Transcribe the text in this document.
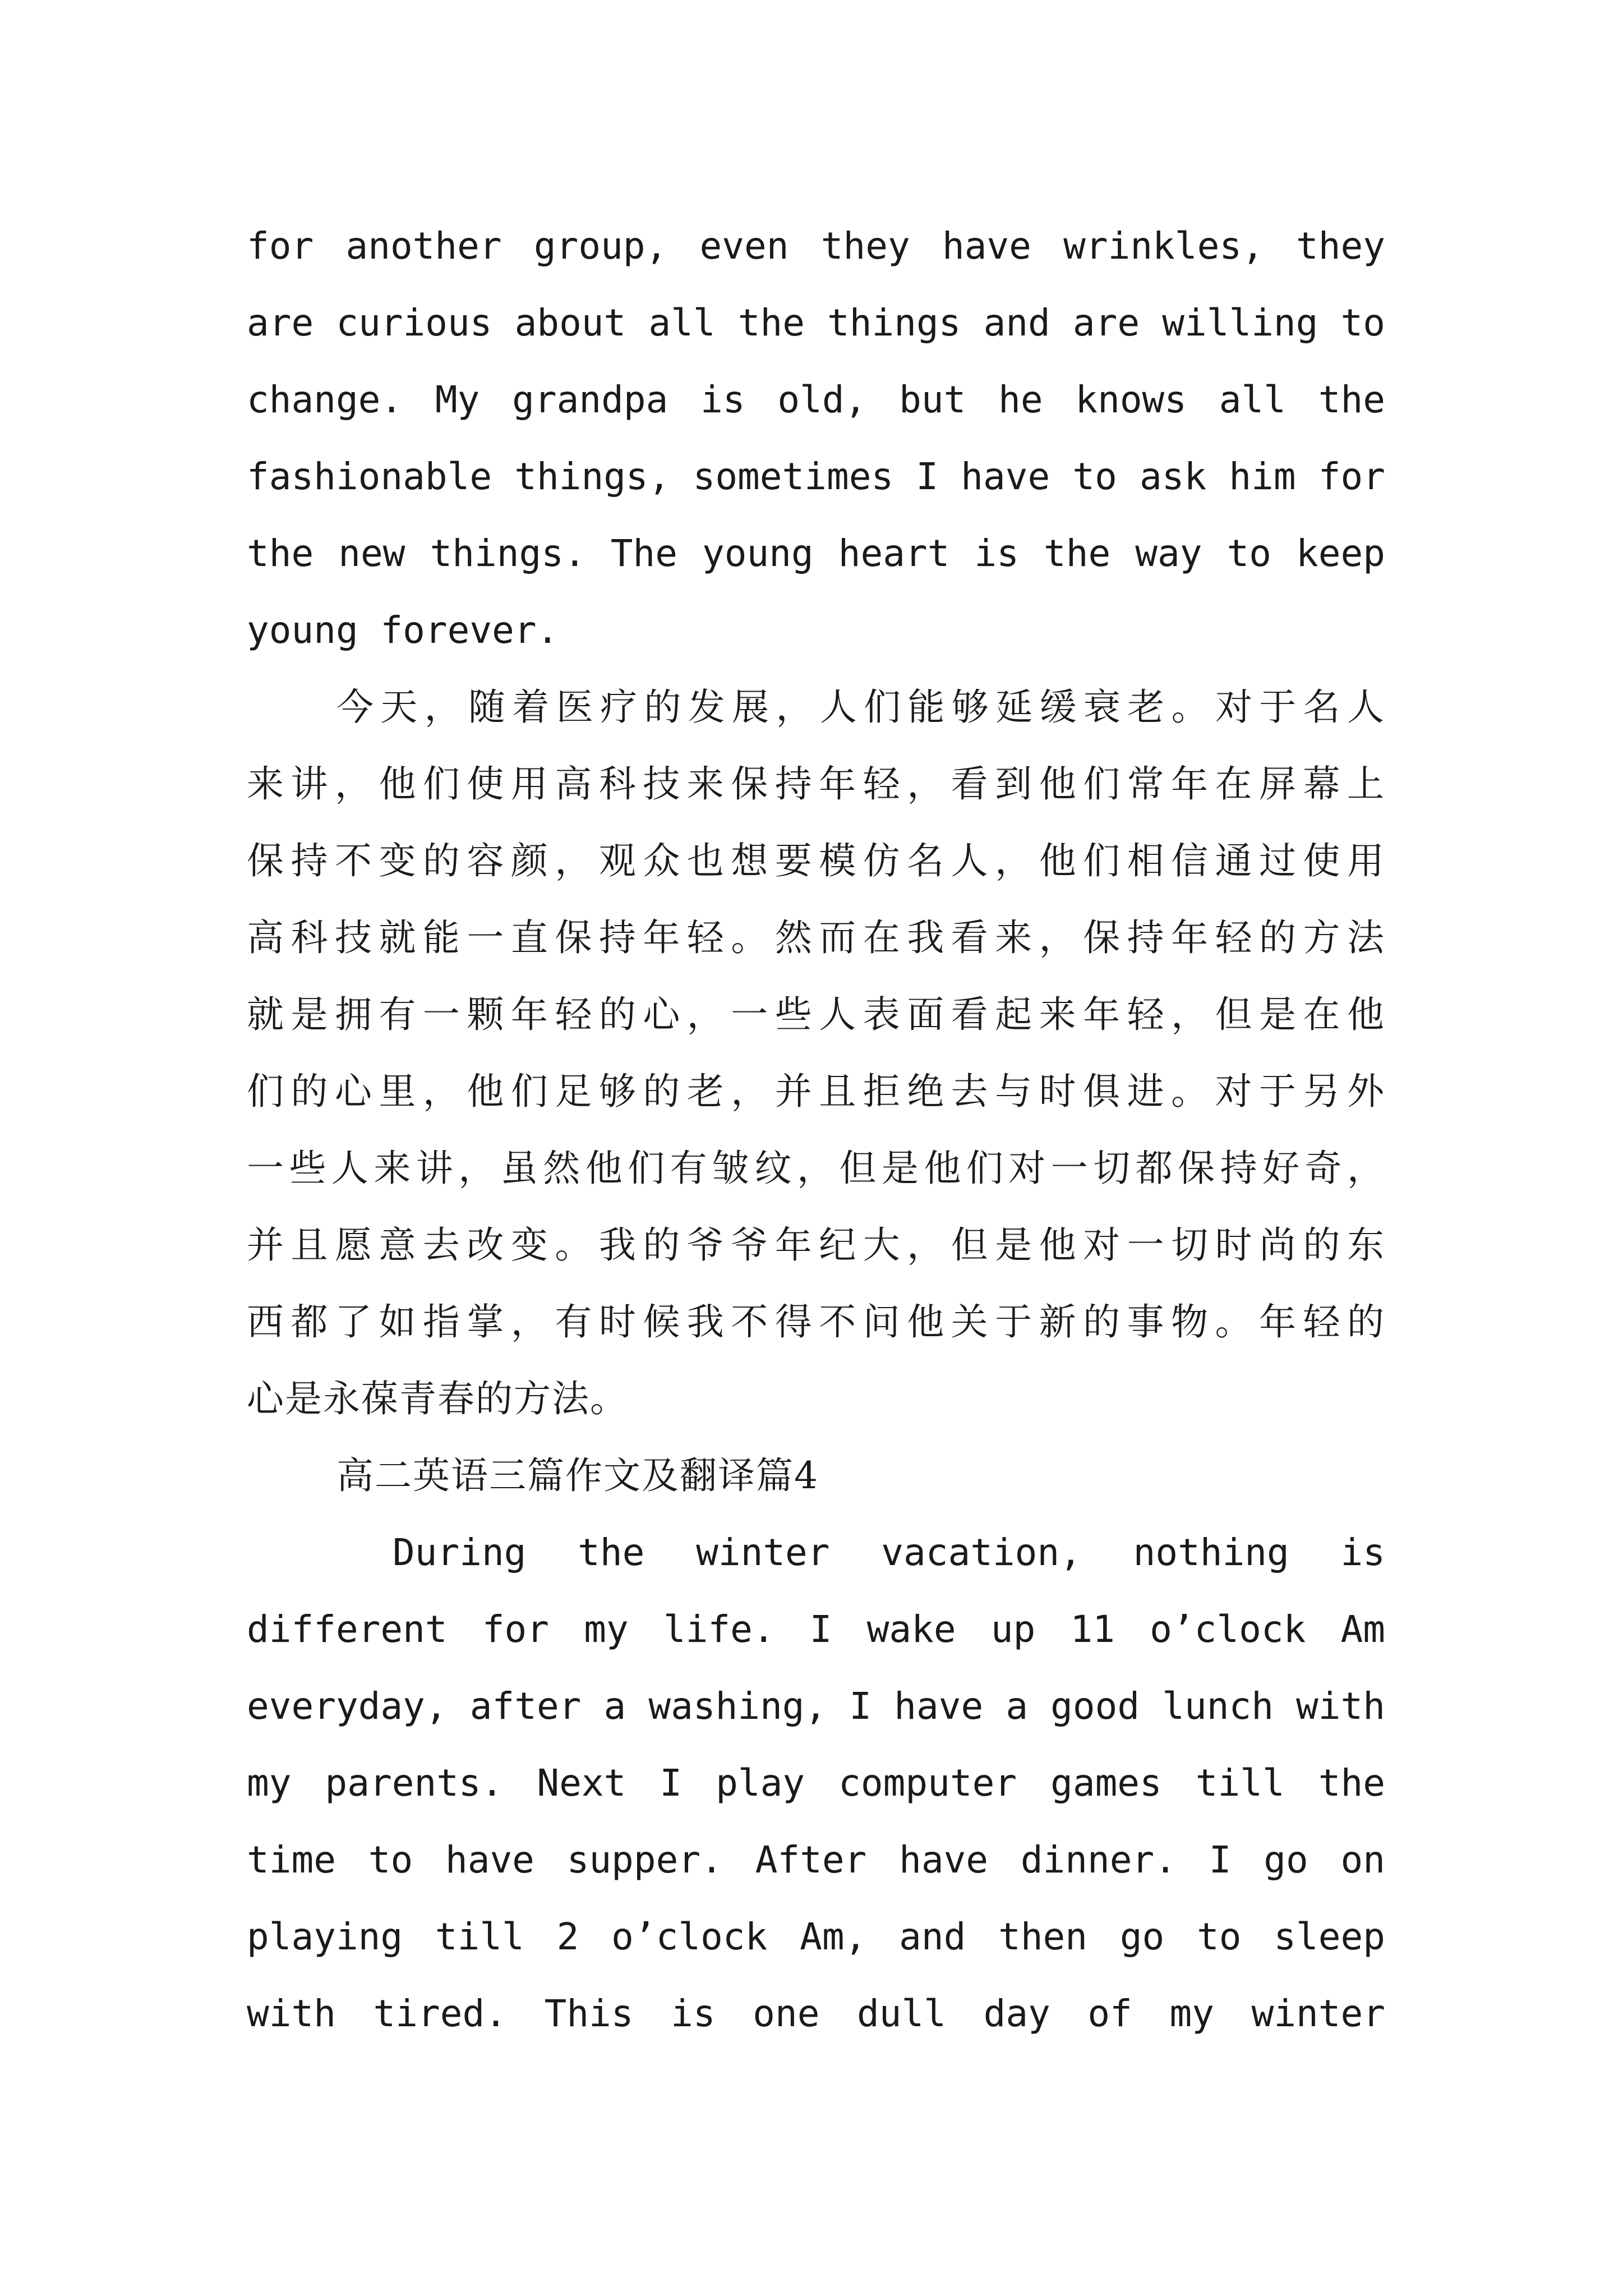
for another group, even they have wrinkles, they
are curious about all the things and are willing to
change. My grandpa is old, but he knows all the
fashionable things, sometimes I have to ask him for
the new things. The young heart is the way to keep
young forever.
今天，随着医疗的发展，人们能够延缓衰老。对于名人
来讲，他们使用高科技来保持年轻，看到他们常年在屏幕上
保持不变的容颜，观众也想要模仿名人，他们相信通过使用
高科技就能一直保持年轻。然而在我看来，保持年轻的方法
就是拥有一颗年轻的心，一些人表面看起来年轻，但是在他
们的心里，他们足够的老，并且拒绝去与时俱进。对于另外
一些人来讲，虽然他们有皱纹，但是他们对一切都保持好奇，
并且愿意去改变。我的爷爷年纪大，但是他对一切时尚的东
西都了如指掌，有时候我不得不问他关于新的事物。年轻的
心是永葆青春的方法。
高二英语三篇作文及翻译篇4
During the winter vacation, nothing is
different for my life. I wake up 11 o’clock Am
everyday, after a washing, I have a good lunch with
my parents. Next I play computer games till the
time to have supper. After have dinner. I go on
playing till 2 o’clock Am, and then go to sleep
with tired. This is one dull day of my winter
